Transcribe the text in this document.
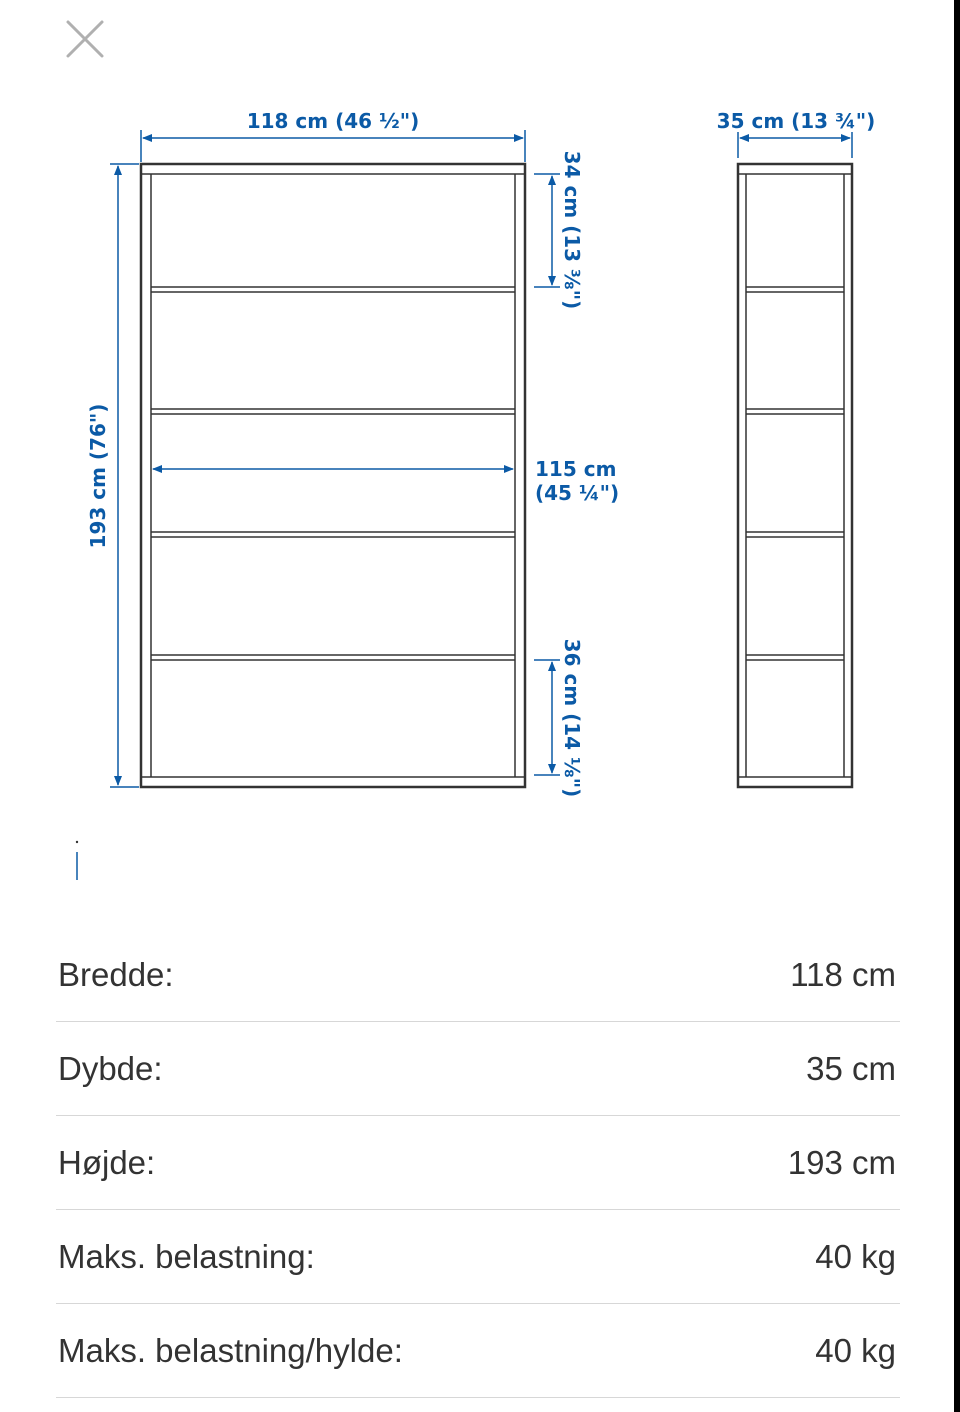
118 cm (46 ½")	35 cm (13 ¾")
193 cm (76")
34 cm (13 ⅜")
115 cm
(45 ¼")
36 cm (14 ⅛")
Bredde:	118 cm
Dybde:	35 cm
Højde:	193 cm
Maks. belastning:	40 kg
Maks. belastning/hylde:	40 kg
